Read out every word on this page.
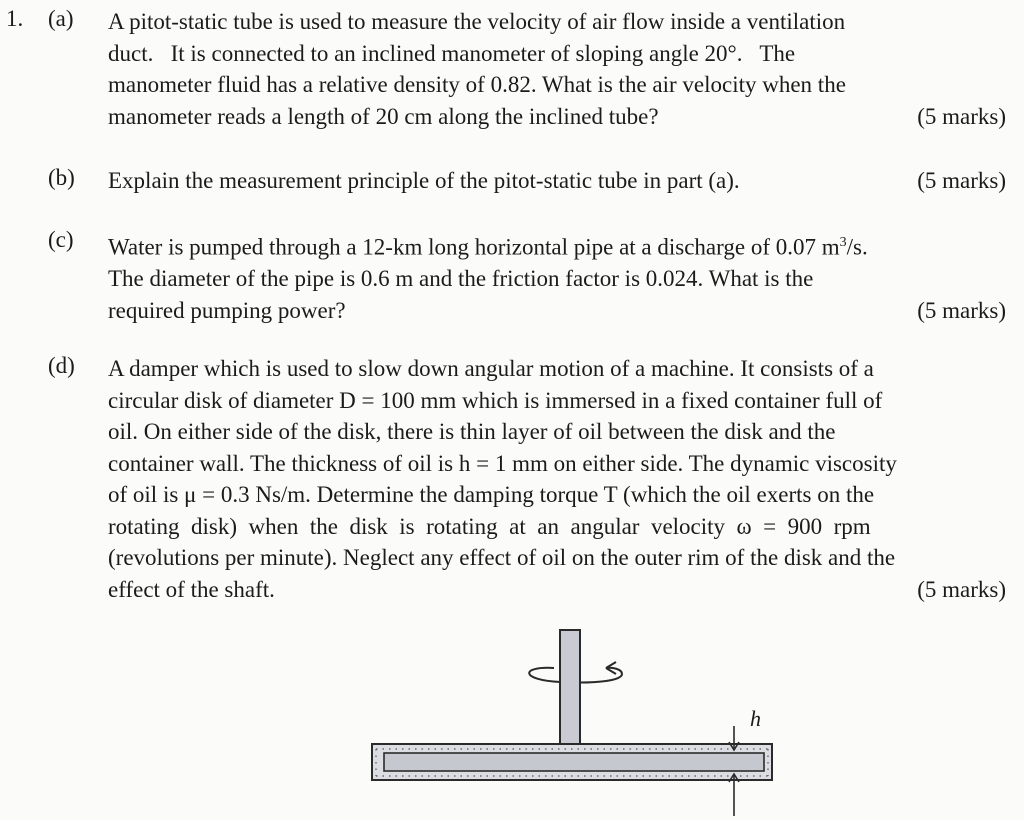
1. (a) A pitot-static tube is used to measure the velocity of air flow inside a ventilation
duct.   It is connected to an inclined manometer of sloping angle 20°.   The
manometer fluid has a relative density of 0.82. What is the air velocity when the
manometer reads a length of 20 cm along the inclined tube?	(5 marks)
(b) Explain the measurement principle of the pitot-static tube in part (a).	(5 marks)
(c) Water is pumped through a 12-km long horizontal pipe at a discharge of 0.07 $m^3/s$.
The diameter of the pipe is 0.6 m and the friction factor is 0.024. What is the
required pumping power?	(5 marks)
(d) A damper which is used to slow down angular motion of a machine. It consists of a
circular disk of diameter D = 100 mm which is immersed in a fixed container full of
oil. On either side of the disk, there is thin layer of oil between the disk and the
container wall. The thickness of oil is h = 1 mm on either side. The dynamic viscosity
of oil is μ = 0.3 Ns/m. Determine the damping torque T (which the oil exerts on the
rotating  disk)  when  the  disk  is  rotating  at  an  angular  velocity  ω  =  900  rpm
(revolutions per minute). Neglect any effect of oil on the outer rim of the disk and the
effect of the shaft.	(5 marks)
h
